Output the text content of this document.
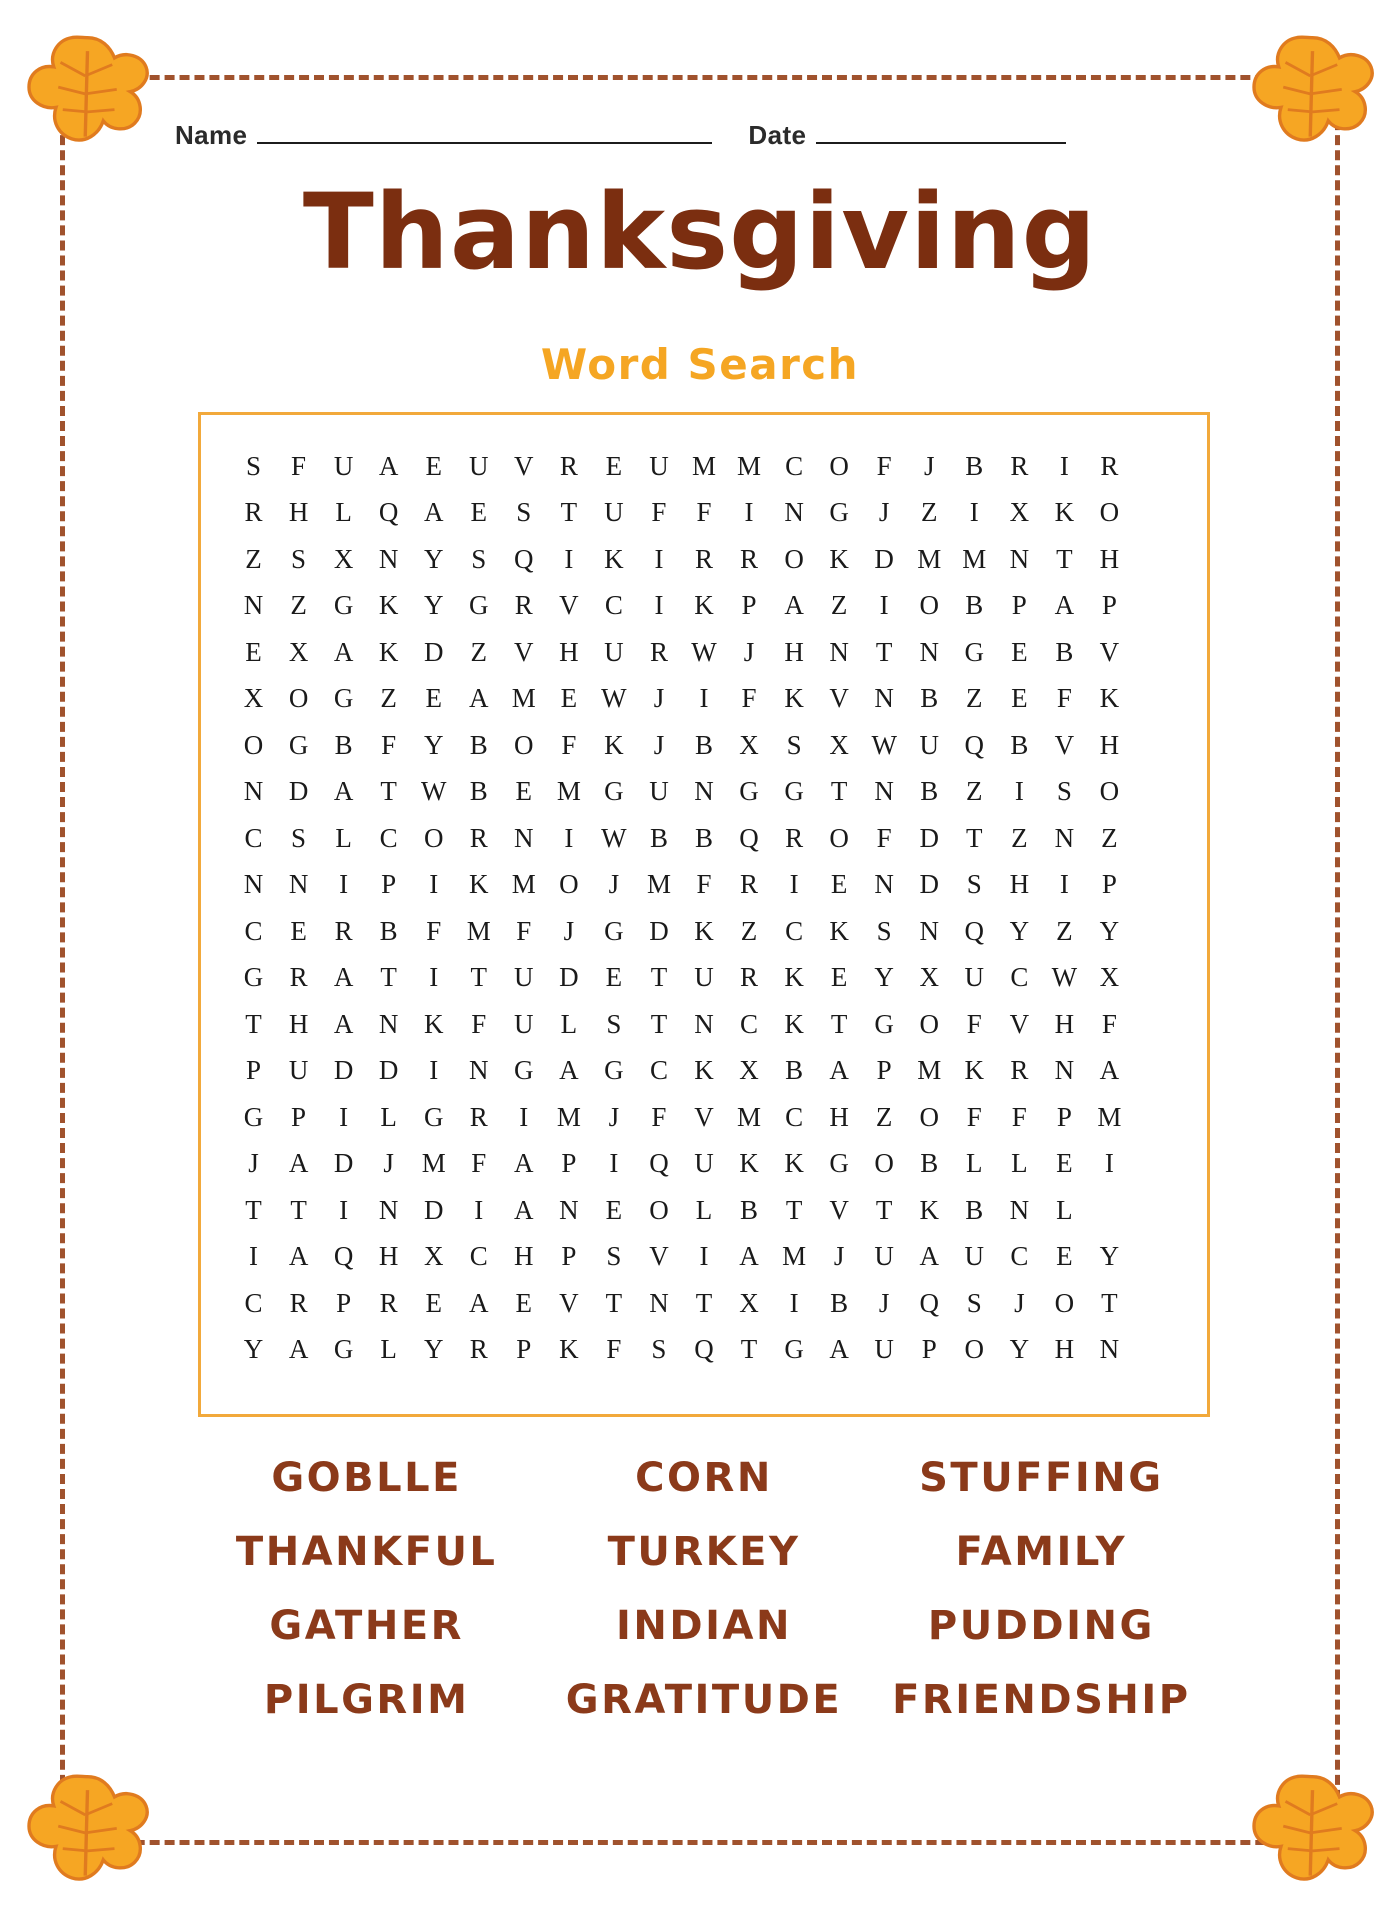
Name	Date
Thanksgiving
Word Search
S F U A E U V R E U M M C O F J B R I R
R H L Q A E S T U F F I N G J Z I X K O
Z S X N Y S Q I K I R R O K D M M N T H
N Z G K Y G R V C I K P A Z I O B P A P
E X A K D Z V H U R W J H N T N G E B V
X O G Z E A M E W J I F K V N B Z E F K
O G B F Y B O F K J B X S X W U Q B V H
N D A T W B E M G U N G G T N B Z I S O
C S L C O R N I W B B Q R O F D T Z N Z
N N I P I K M O J M F R I E N D S H I P
C E R B F M F J G D K Z C K S N Q Y Z Y
G R A T I T U D E T U R K E Y X U C W X
T H A N K F U L S T N C K T G O F V H F
P U D D I N G A G C K X B A P M K R N A
G P I L G R I M J F V M C H Z O F F P M
J A D J M F A P I Q U K K G O B L L E I
T T I N D I A N E O L B T V T K B N L
I A Q H X C H P S V I A M J U A U C E Y
C R P R E A E V T N T X I B J Q S J O T
Y A G L Y R P K F S Q T G A U P O Y H N
GOBLLE	CORN	STUFFING
THANKFUL	TURKEY	FAMILY
GATHER	INDIAN	PUDDING
PILGRIM	GRATITUDE	FRIENDSHIP
